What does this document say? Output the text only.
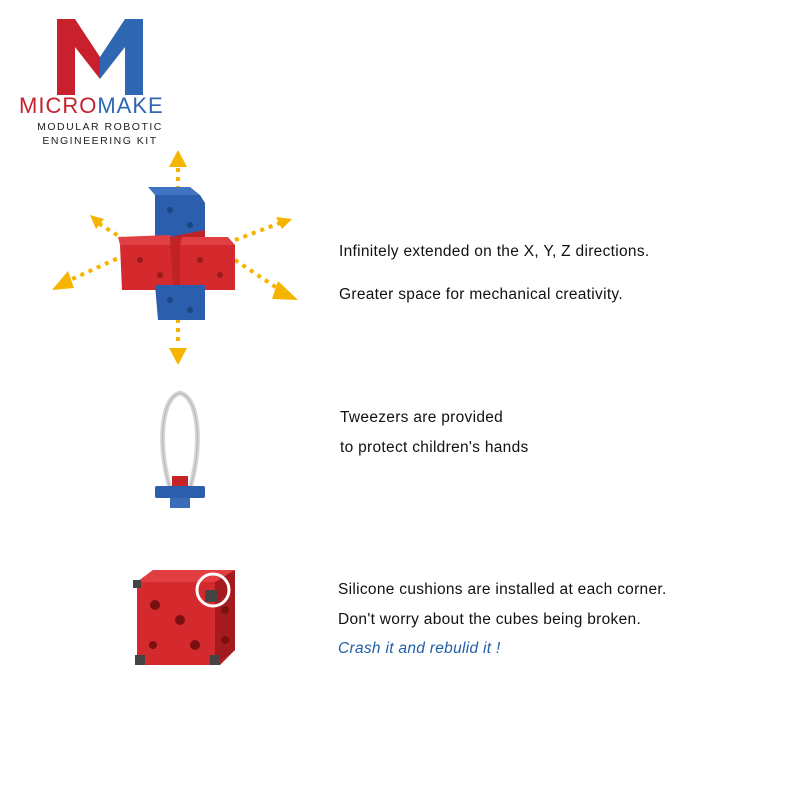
MICROMAKE
MODULAR ROBOTIC
ENGINEERING KIT
Infinitely extended on the X, Y, Z directions.
Greater space for mechanical creativity.
Tweezers are provided
to protect children's hands
Silicone cushions are installed at each corner.
Don't worry about the cubes being broken.
Crash it and rebulid it !
